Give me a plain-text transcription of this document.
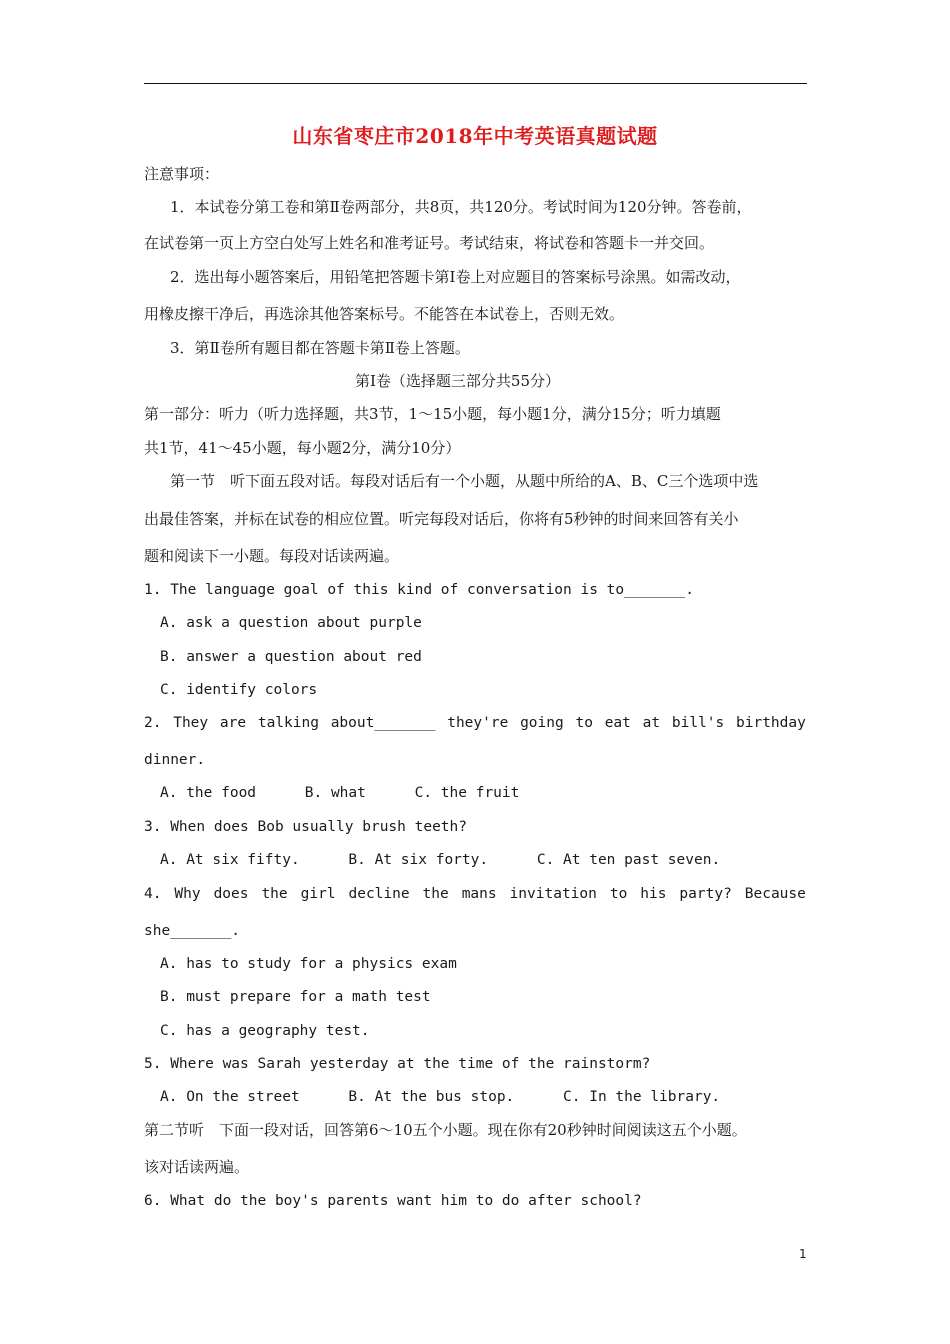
山东省枣庄市2018年中考英语真题试题
注意事项：
1．本试卷分第工卷和第Ⅱ卷两部分，共8页，共120分。考试时间为120分钟。答卷前，
在试卷第一页上方空白处写上姓名和准考证号。考试结束，将试卷和答题卡一并交回。
2．选出每小题答案后，用铅笔把答题卡第Ⅰ卷上对应题目的答案标号涂黑。如需改动，
用橡皮擦干净后，再选涂其他答案标号。不能答在本试卷上，否则无效。
3．第Ⅱ卷所有题目都在答题卡第Ⅱ卷上答题。
第Ⅰ卷（选择题三部分共55分）
第一部分：听力（听力选择题，共3节，1～15小题，每小题1分，满分15分；听力填题
共1节，41～45小题，每小题2分，满分10分）
第一节　听下面五段对话。每段对话后有一个小题，从题中所给的A、B、C三个选项中选
出最佳答案，并标在试卷的相应位置。听完每段对话后，你将有5秒钟的时间来回答有关小
题和阅读下一小题。每段对话读两遍。
1. The language goal of this kind of conversation is to_______.
A. ask a question about purple
B. answer a question about red
C. identify colors
2. They are talking about_______ they're going to eat at bill's birthday
dinner.
A. the food	B. what	C. the fruit
3. When does Bob usually brush teeth?
A. At six fifty.	B. At six forty.	C. At ten past seven.
4. Why does the girl decline the mans invitation to his party? Because
she_______.
A. has to study for a physics exam
B. must prepare for a math test
C. has a geography test.
5. Where was Sarah yesterday at the time of the rainstorm?
A. On the street	B. At the bus stop.	C. In the library.
第二节听　下面一段对话，回答第6～10五个小题。现在你有20秒钟时间阅读这五个小题。
该对话读两遍。
6. What do the boy's parents want him to do after school?
1
